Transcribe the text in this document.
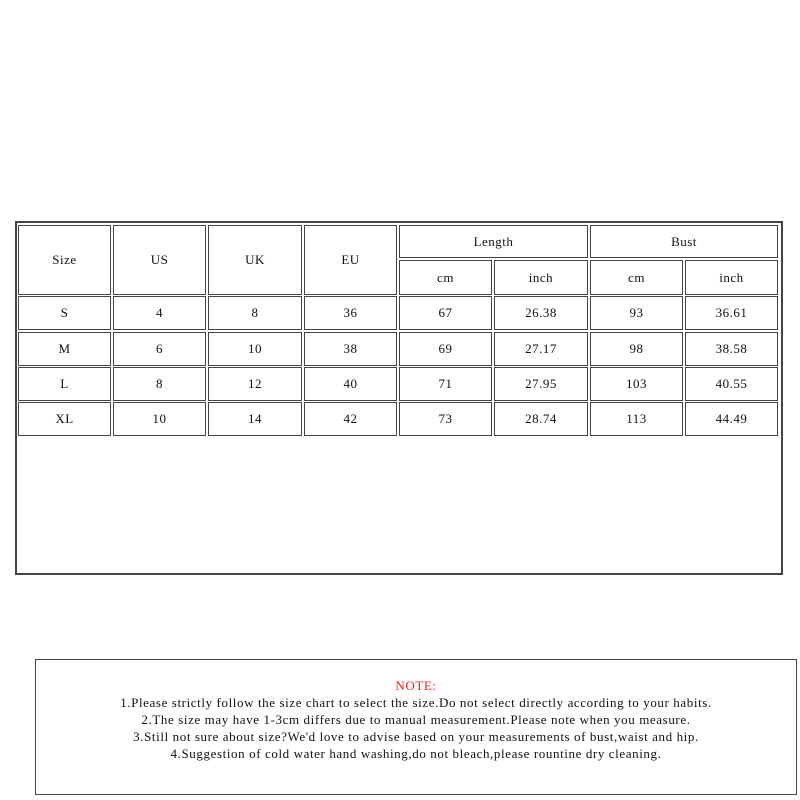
Size	US	UK	EU
Length	Bust
cm	inch	cm	inch
S	4	8	36	67	26.38	93	36.61
M	6	10	38	69	27.17	98	38.58
L	8	12	40	71	27.95	103	40.55
XL	10	14	42	73	28.74	113	44.49
NOTE:

1.Please strictly follow the size chart to select the size.Do not select directly according to your habits.

2.The size may have 1-3cm differs due to manual measurement.Please note when you measure.

3.Still not sure about size?We'd love to advise based on your measurements of bust,waist and hip.

4.Suggestion of cold water hand washing,do not bleach,please rountine dry cleaning.
